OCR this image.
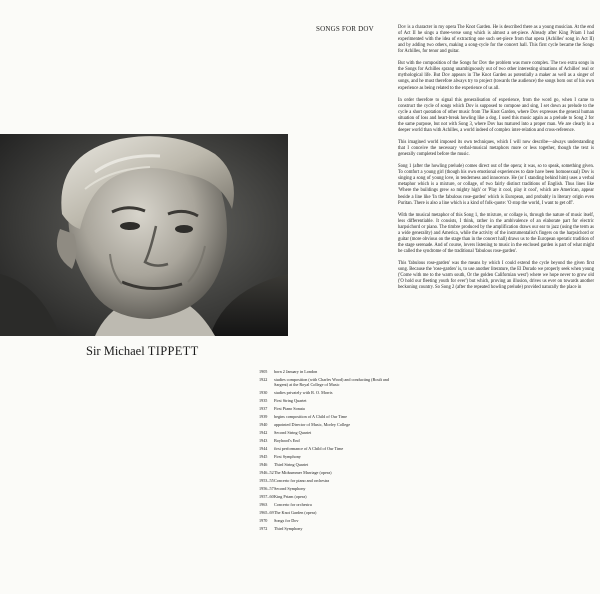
SONGS FOR DOV
Sir Michael TIPPETT
1905	born 2 January in London
1922	studies composition (with Charles Wood) and conducting (Boult and Sargent) at the Royal College of Music
1930	studies privately with R. O. Morris
1935	First String Quartet
1937	First Piano Sonata
1939	begins composition of A Child of Our Time
1940	appointed Director of Music, Morley College
1942	Second String Quartet
1943	Boyhood's End
1944	first performance of A Child of Our Time
1945	First Symphony
1946	Third String Quartet
1946–52 The Midsummer Marriage (opera)
1953–55 Concerto for piano and orchestra
1956–57 Second Symphony
1957–60 King Priam (opera)
1963	Concerto for orchestra
1965–69 The Knot Garden (opera)
1970	Songs for Dov
1972	Third Symphony

Dov is a character in my opera The Knot Garden. He is described there as a young musician. At the end of Act II he sings a three-verse song which is almost a set-piece. Already after King Priam I had experimented with the idea of extracting one such set-piece from that opera (Achilles' song in Act II) and by adding two others, making a song-cycle for the concert hall. This first cycle became the Songs for Achilles, for tenor and guitar.

But with the composition of the Songs for Dov the problem was more complex. The two extra songs in the Songs for Achilles sprang unambiguously out of two other interesting situations of Achilles' real or mythological life. But Dov appears in The Knot Garden as potentially a maker as well as a singer of songs, and he must therefore always try to project (towards the audience) the songs born out of his own experience as being related to the experience of us all.

In order therefore to signal this generalisation of experience, from the word go, when I came to construct the cycle of songs which Dov is supposed to compose and sing, I set down as prelude to the cycle a short quotation of other music from The Knot Garden, where Dov expresses the general human situation of loss and heart-break howling like a dog. I used this music again as a prelude to Song 2 for the same purpose, but not with Song 3, where Dov has matured into a proper man. We are clearly in a deeper world than with Achilles, a world indeed of complex inter-relation and cross-reference.

This imagined world imposed its own techniques, which I will now describe—always understanding that I conceive the necessary verbal-musical metaphors more or less together, though the text is generally completed before the music.

Song 1 (after the howling prelude) comes direct out of the opera; it was, so to speak, something given. To comfort a young girl (though his own emotional experiences to date have been homosexual) Dov is singing a song of young love, in tenderness and innocence. He (or I standing behind him) uses a verbal metaphor which is a mixture, or collage, of two fairly distinct traditions of English. Thus lines like 'Where the buildings grew so mighty high' or 'Play it cool, play it cool', which are American, appear beside a line like 'In the fabulous rose-garden' which is European, and probably in literary origin even Puritan. There is also a line which is a kind of folk-quote: 'O stop the world, I want to get off'.

With the musical metaphor of this Song 1, the mixture, or collage is, through the nature of music itself, less differentiable. It consists, I think, rather in the ambivalence of an elaborate part for electric harpsichord or piano. The timbre produced by the amplification draws our ear to jazz (using the term as a wide generality) and America, while the activity of the instrumentalist's fingers on the harpsichord or guitar (more obvious on the stage than in the concert hall) draws us to the European operatic tradition of the stage serenade. And of course, lovers listening to music in the enclosed garden is part of what might be called the syndrome of the traditional 'fabulous rose-garden'.

This 'fabulous rose-garden' was the means by which I could extend the cycle beyond the given first song. Because the 'rose-garden' is, to use another literature, the El Dorado we properly seek when young ('Come with me to the warm south, Or the golden Californian west') where we hope never to grow old ('O hold our fleeting youth for ever') but which, proving an illusion, drives us ever on towards another beckoning country. So Song 2 (after the repeated howling prelude) provided naturally the place in
